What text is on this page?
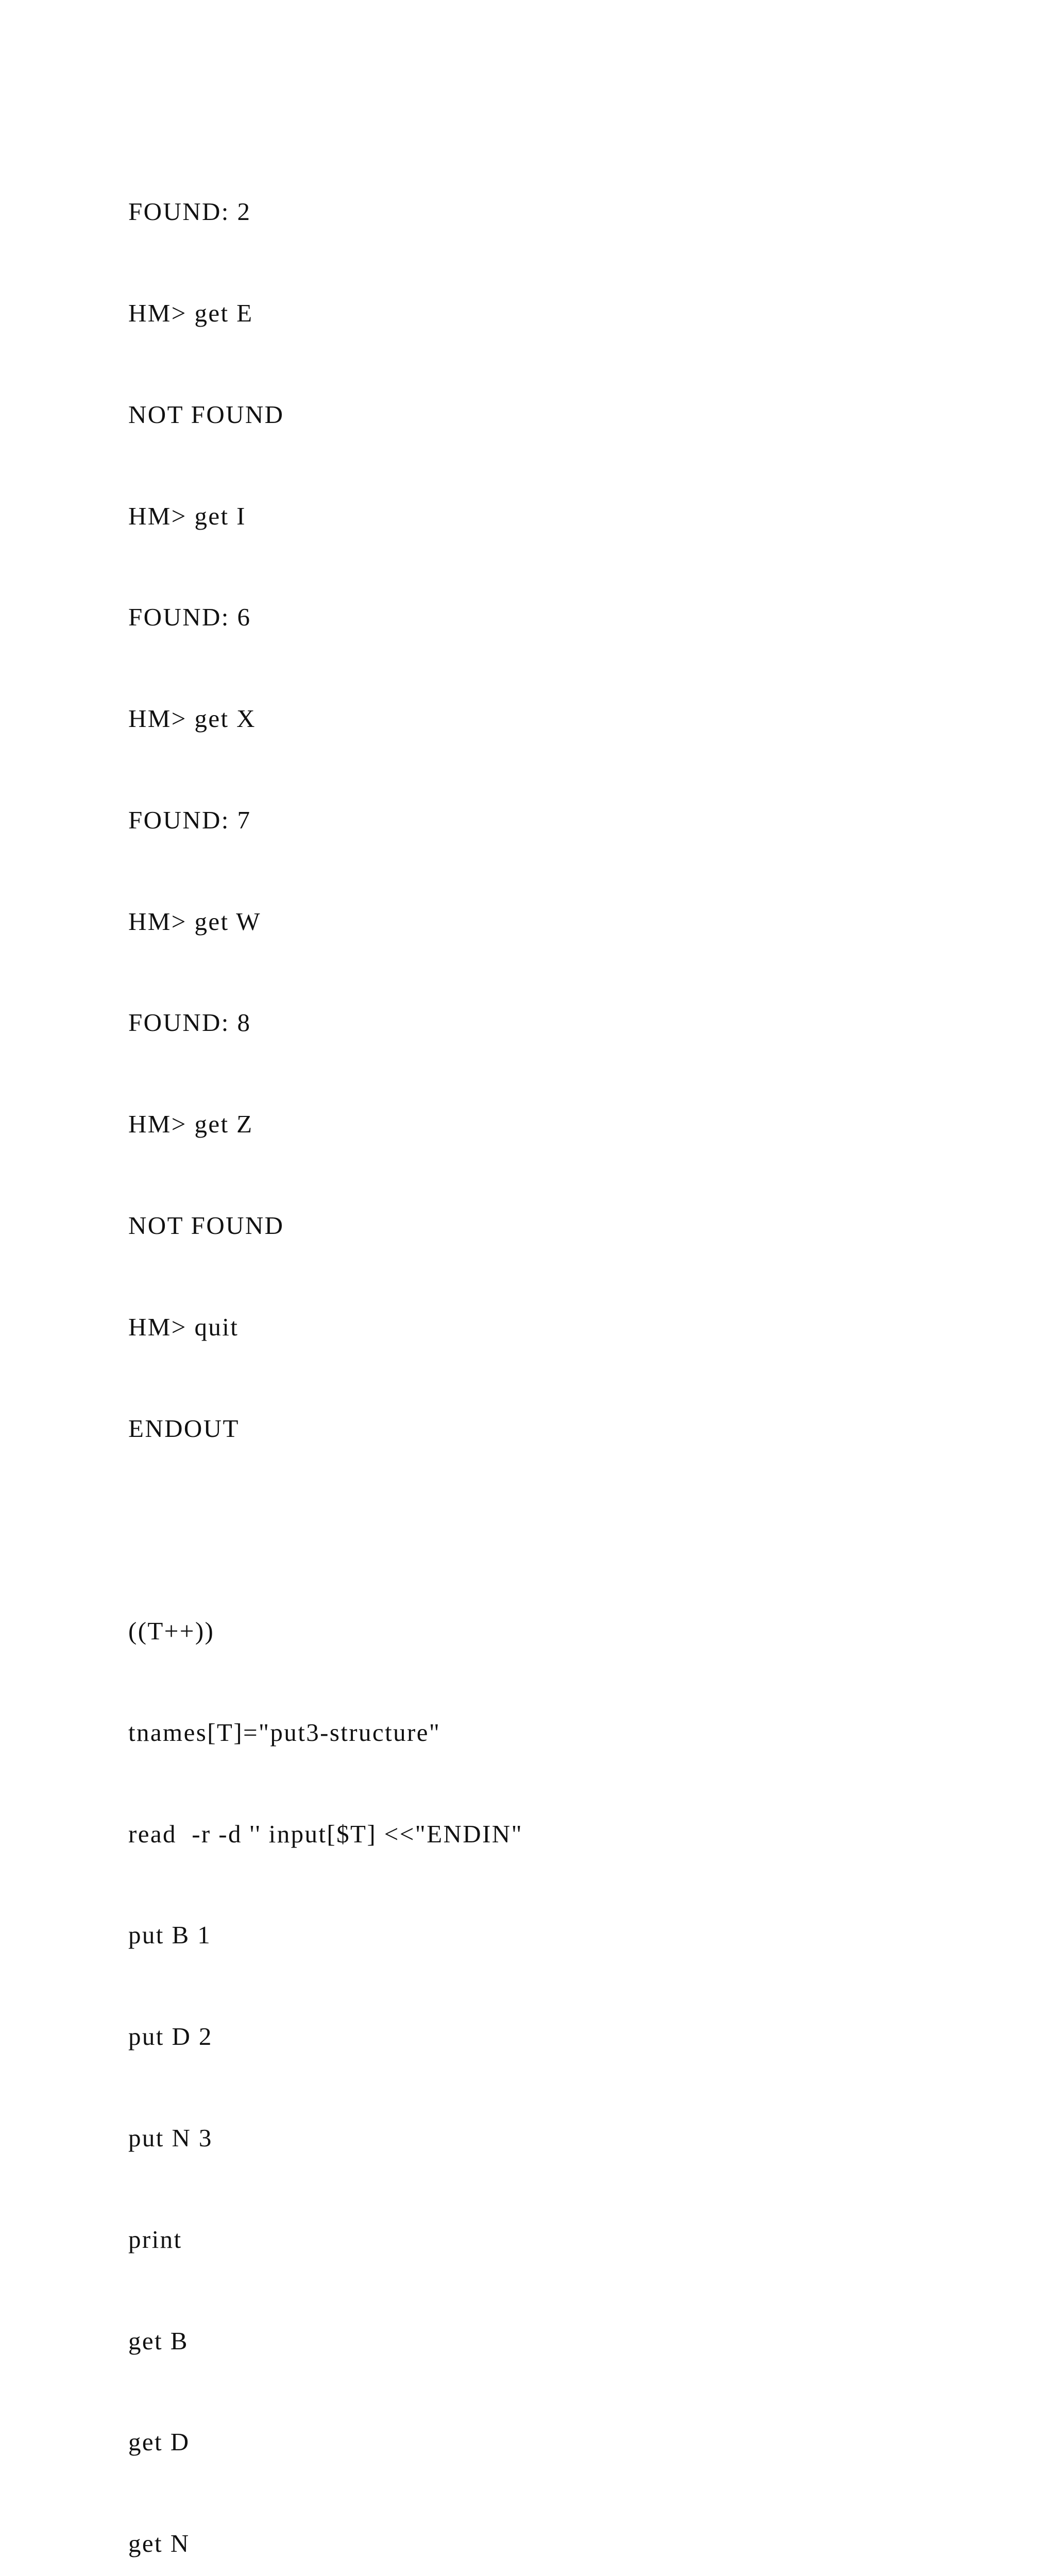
FOUND: 2

HM> get E

NOT FOUND

HM> get I

FOUND: 6

HM> get X

FOUND: 7

HM> get W

FOUND: 8

HM> get Z

NOT FOUND

HM> quit

ENDOUT

((T++))

tnames[T]="put3-structure"

read  -r -d '' input[$T] <<"ENDIN"

put B 1

put D 2

put N 3

print

get B

get D

get N
